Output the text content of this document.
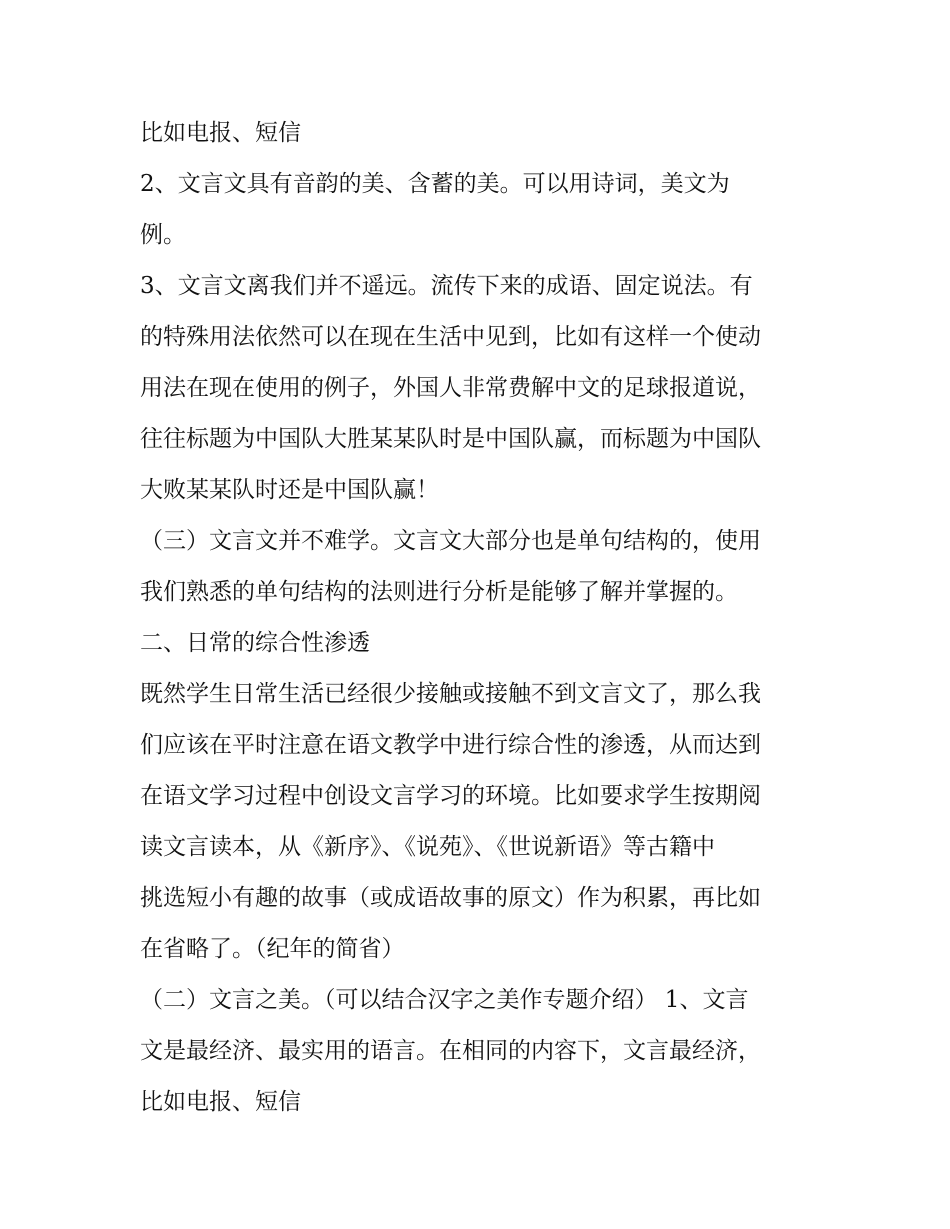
比如电报、短信
2、文言文具有音韵的美、含蓄的美。可以用诗词，美文为
例。
3、文言文离我们并不遥远。流传下来的成语、固定说法。有
的特殊用法依然可以在现在生活中见到，比如有这样一个使动
用法在现在使用的例子，外国人非常费解中文的足球报道说，
往往标题为中国队大胜某某队时是中国队赢，而标题为中国队
大败某某队时还是中国队赢！
（三）文言文并不难学。文言文大部分也是单句结构的，使用
我们熟悉的单句结构的法则进行分析是能够了解并掌握的。
二、日常的综合性渗透
既然学生日常生活已经很少接触或接触不到文言文了，那么我
们应该在平时注意在语文教学中进行综合性的渗透，从而达到
在语文学习过程中创设文言学习的环境。比如要求学生按期阅
读文言读本，从《新序》、《说苑》、《世说新语》等古籍中
挑选短小有趣的故事（或成语故事的原文）作为积累，再比如
在省略了。（纪年的简省）
（二）文言之美。（可以结合汉字之美作专题介绍） 1、文言
文是最经济、最实用的语言。在相同的内容下，文言最经济，
比如电报、短信
